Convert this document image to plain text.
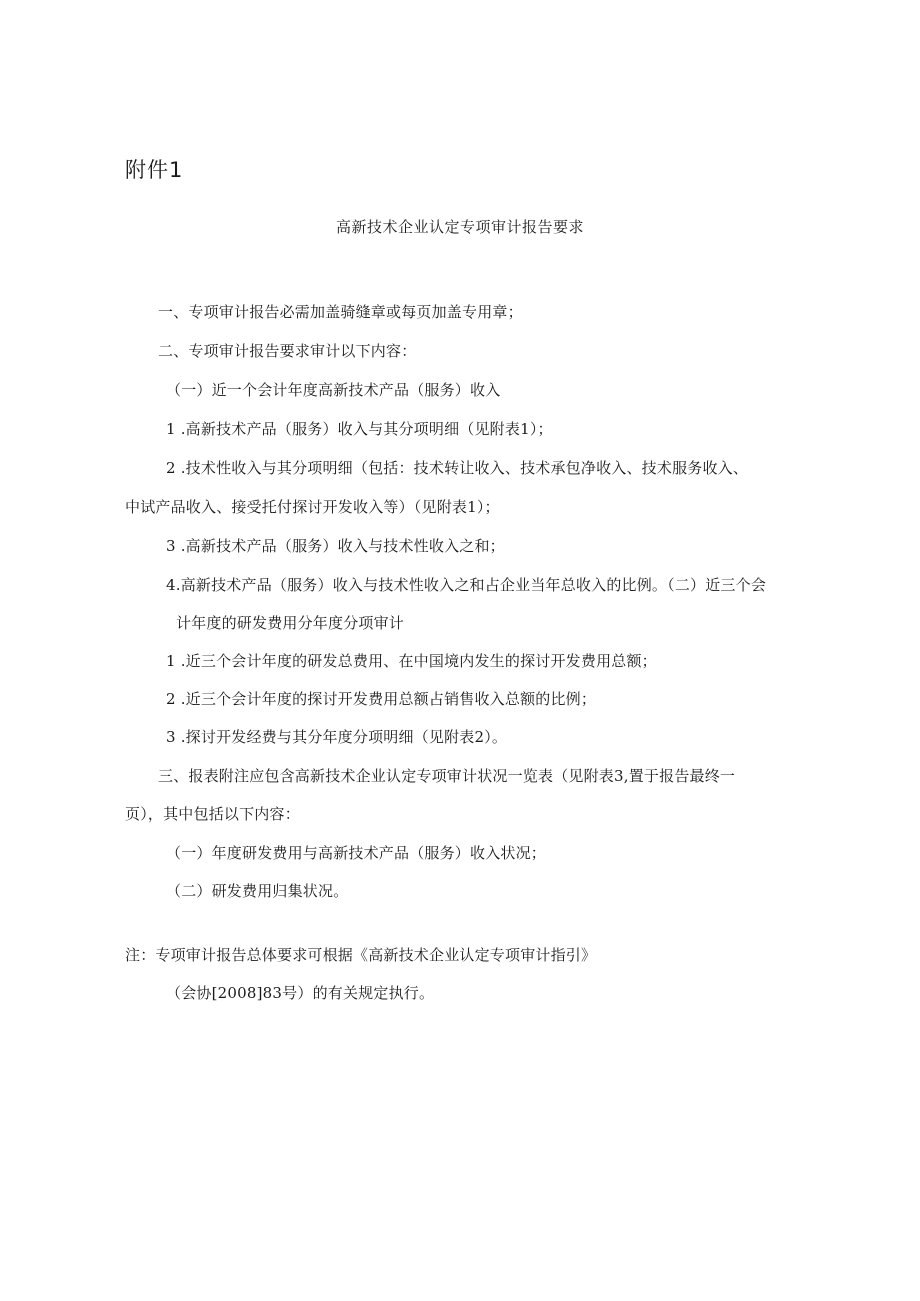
附件1
高新技术企业认定专项审计报告要求
一、专项审计报告必需加盖骑缝章或每页加盖专用章；
二、专项审计报告要求审计以下内容：
（一）近一个会计年度高新技术产品（服务）收入
1 .高新技术产品（服务）收入与其分项明细（见附表1）；
2 .技术性收入与其分项明细（包括：技术转让收入、技术承包净收入、技术服务收入、
中试产品收入、接受托付探讨开发收入等）（见附表1）；
3 .高新技术产品（服务）收入与技术性收入之和；
4.高新技术产品（服务）收入与技术性收入之和占企业当年总收入的比例。（二）近三个会
计年度的研发费用分年度分项审计
1 .近三个会计年度的研发总费用、在中国境内发生的探讨开发费用总额；
2 .近三个会计年度的探讨开发费用总额占销售收入总额的比例；
3 .探讨开发经费与其分年度分项明细（见附表2）。
三、报表附注应包含高新技术企业认定专项审计状况一览表（见附表3,置于报告最终一
页），其中包括以下内容：
（一）年度研发费用与高新技术产品（服务）收入状况；
（二）研发费用归集状况。
注：专项审计报告总体要求可根据《高新技术企业认定专项审计指引》
（会协[2008]83号）的有关规定执行。
